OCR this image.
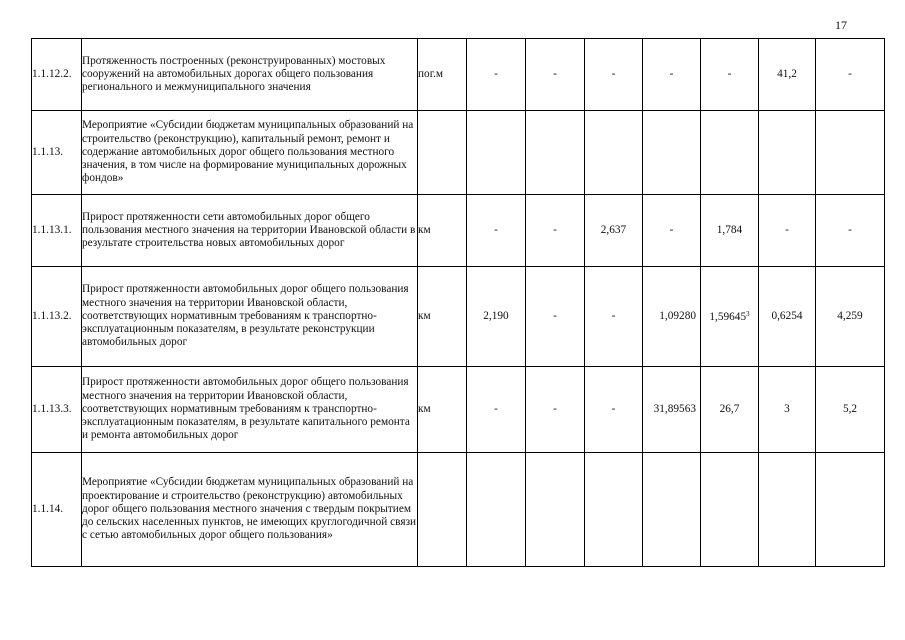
17
1.1.12.2.	Протяженность построенных (реконструированных) мостовых сооружений на автомобильных дорогах общего пользования регионального и межмуниципального значения	пог.м	-	-	-	-	-	41,2	-
1.1.13.	Мероприятие «Субсидии бюджетам муниципальных образований на строительство (реконструкцию), капитальный ремонт, ремонт и содержание автомобильных дорог общего пользования местного значения, в том числе на формирование муниципальных дорожных фондов»								
1.1.13.1.	Прирост протяженности сети автомобильных дорог общего пользования местного значения на территории Ивановской области в результате строительства новых автомобильных дорог	км	-	-	2,637	-	1,784	-	-
1.1.13.2.	Прирост протяженности автомобильных дорог общего пользования местного значения на территории Ивановской области, соответствующих нормативным требованиям к транспортно-эксплуатационным показателям, в результате реконструкции автомобильных дорог	км	2,190	-	-	1,09280	1,59645$^3$	0,6254	4,259
1.1.13.3.	Прирост протяженности автомобильных дорог общего пользования местного значения на территории Ивановской области, соответствующих нормативным требованиям к транспортно-эксплуатационным показателям, в результате капитального ремонта и ремонта автомобильных дорог	км	-	-	-	31,89563	26,7	3	5,2
1.1.14.	Мероприятие «Субсидии бюджетам муниципальных образований на проектирование и строительство (реконструкцию) автомобильных дорог общего пользования местного значения с твердым покрытием до сельских населенных пунктов, не имеющих круглогодичной связи с сетью автомобильных дорог общего пользования»								
